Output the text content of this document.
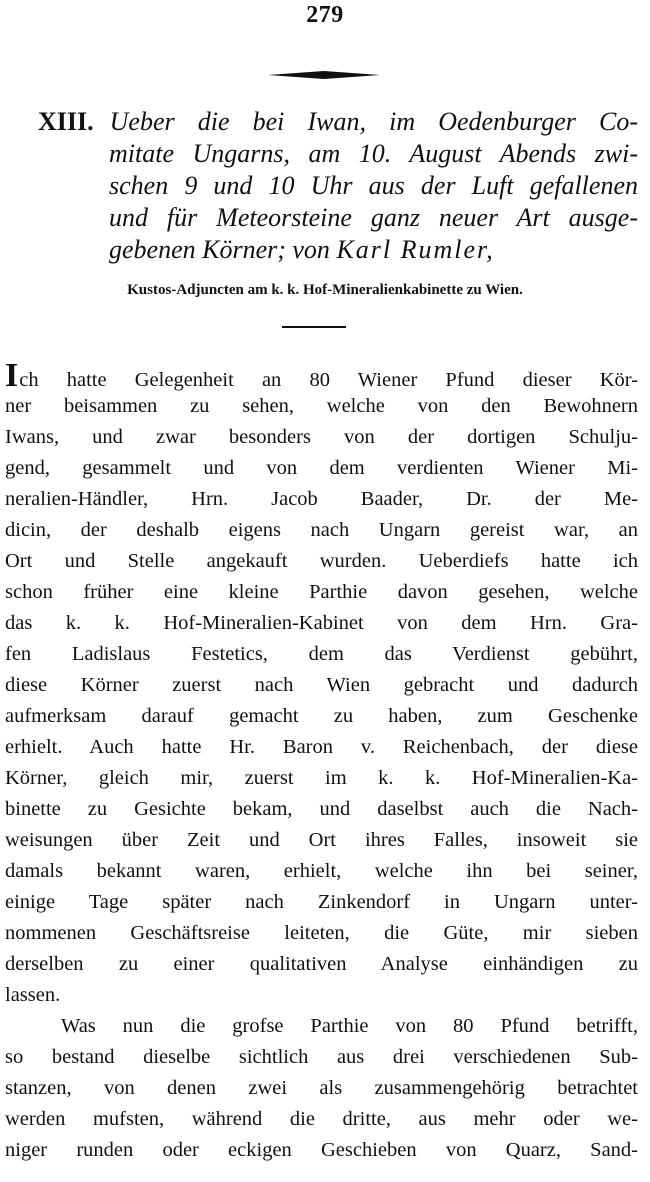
279
XIII. Ueber die bei Iwan, im Oedenburger Co-
mitate Ungarns, am 10. August Abends zwi-
schen 9 und 10 Uhr aus der Luft gefallenen
und für Meteorsteine ganz neuer Art ausge-
gebenen Körner; von Karl Rumler,
Kustos-Adjuncten am k. k. Hof-Mineralienkabinette zu Wien.
Ich hatte Gelegenheit an 80 Wiener Pfund dieser Kör-
ner beisammen zu sehen, welche von den Bewohnern
Iwans, und zwar besonders von der dortigen Schulju-
gend, gesammelt und von dem verdienten Wiener Mi-
neralien-Händler, Hrn. Jacob Baader, Dr. der Me-
dicin, der deshalb eigens nach Ungarn gereist war, an
Ort und Stelle angekauft wurden. Ueberdiefs hatte ich
schon früher eine kleine Parthie davon gesehen, welche
das k. k. Hof-Mineralien-Kabinet von dem Hrn. Gra-
fen Ladislaus Festetics, dem das Verdienst gebührt,
diese Körner zuerst nach Wien gebracht und dadurch
aufmerksam darauf gemacht zu haben, zum Geschenke
erhielt. Auch hatte Hr. Baron v. Reichenbach, der diese
Körner, gleich mir, zuerst im k. k. Hof-Mineralien-Ka-
binette zu Gesichte bekam, und daselbst auch die Nach-
weisungen über Zeit und Ort ihres Falles, insoweit sie
damals bekannt waren, erhielt, welche ihn bei seiner,
einige Tage später nach Zinkendorf in Ungarn unter-
nommenen Geschäftsreise leiteten, die Güte, mir sieben
derselben zu einer qualitativen Analyse einhändigen zu
lassen.
Was nun die grofse Parthie von 80 Pfund betrifft,
so bestand dieselbe sichtlich aus drei verschiedenen Sub-
stanzen, von denen zwei als zusammengehörig betrachtet
werden mufsten, während die dritte, aus mehr oder we-
niger runden oder eckigen Geschieben von Quarz, Sand-
